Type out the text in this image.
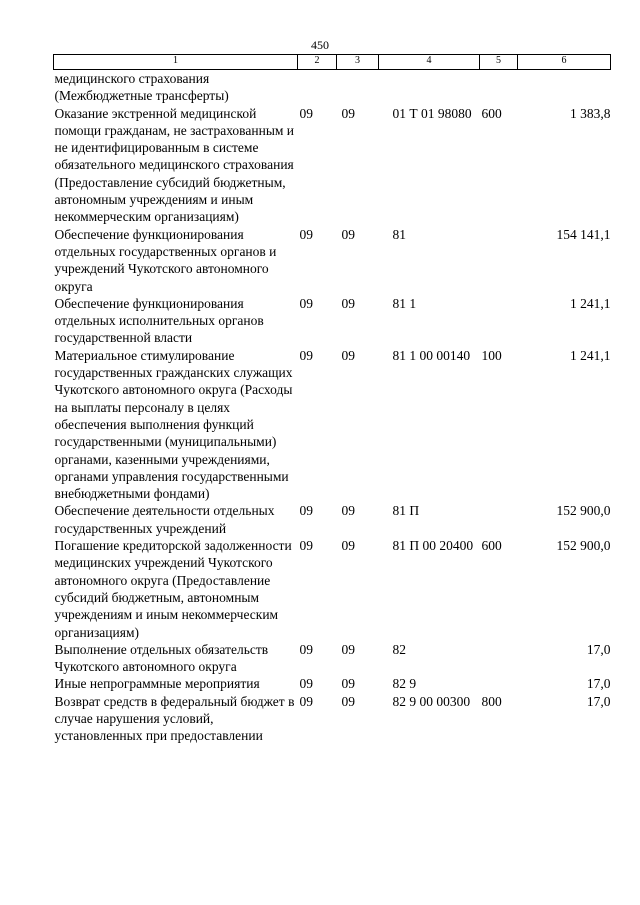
450
1	2	3	4	5	6
медицинского страхования (Межбюджетные трансферты)					
Оказание экстренной медицинской помощи гражданам, не застрахованным и не идентифицированным в системе обязательного медицинского страхования (Предоставление субсидий бюджетным, автономным учреждениям и иным некоммерческим организациям)	09	09	01 Т 01 98080	600	1 383,8
Обеспечение функционирования отдельных государственных органов и учреждений Чукотского автономного округа	09	09	81		154 141,1
Обеспечение функционирования отдельных исполнительных органов государственной власти	09	09	81 1		1 241,1
Материальное стимулирование государственных гражданских служащих Чукотского автономного округа (Расходы на выплаты персоналу в целях обеспечения выполнения функций государственными (муниципальными) органами, казенными учреждениями, органами управления государственными внебюджетными фондами)	09	09	81 1 00 00140	100	1 241,1
Обеспечение деятельности отдельных государственных учреждений	09	09	81 П		152 900,0
Погашение кредиторской задолженности медицинских учреждений Чукотского автономного округа (Предоставление субсидий бюджетным, автономным учреждениям и иным некоммерческим организациям)	09	09	81 П 00 20400	600	152 900,0
Выполнение отдельных обязательств Чукотского автономного округа	09	09	82		17,0
Иные непрограммные мероприятия	09	09	82 9		17,0
Возврат средств в федеральный бюджет в случае нарушения условий, установленных при предоставлении	09	09	82 9 00 00300	800	17,0
